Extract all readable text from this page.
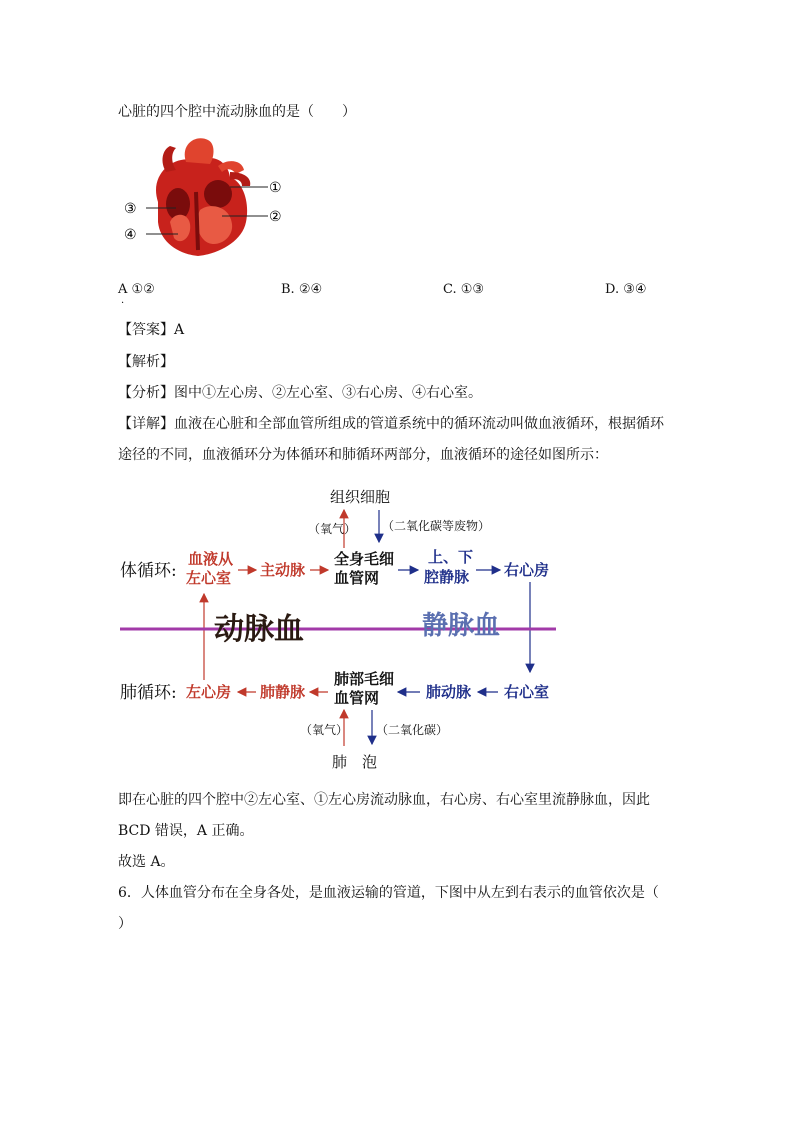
心脏的四个腔中流动脉血的是（　　）
①
②
③
④
A ①②
·
B. ②④	C. ①③	D. ③④
【答案】A
【解析】
【分析】图中①左心房、②左心室、③右心房、④右心室。
【详解】血液在心脏和全部血管所组成的管道系统中的循环流动叫做血液循环，根据循环
途径的不同，血液循环分为体循环和肺循环两部分，血液循环的途径如图所示：
组织细胞
（氧气） （二氧化碳等废物）
体循环:
血液从
左心室 主动脉
全身毛细
血管网
上、下
腔静脉 右心房
动脉血	静脉血
肺循环: 左心房 肺静脉
肺部毛细
血管网	肺动脉 右心室
（氧气） （二氧化碳）
肺　泡
即在心脏的四个腔中②左心室、①左心房流动脉血，右心房、右心室里流静脉血，因此
BCD 错误，A 正确。
故选 A。
6．人体血管分布在全身各处，是血液运输的管道，下图中从左到右表示的血管依次是（
）
